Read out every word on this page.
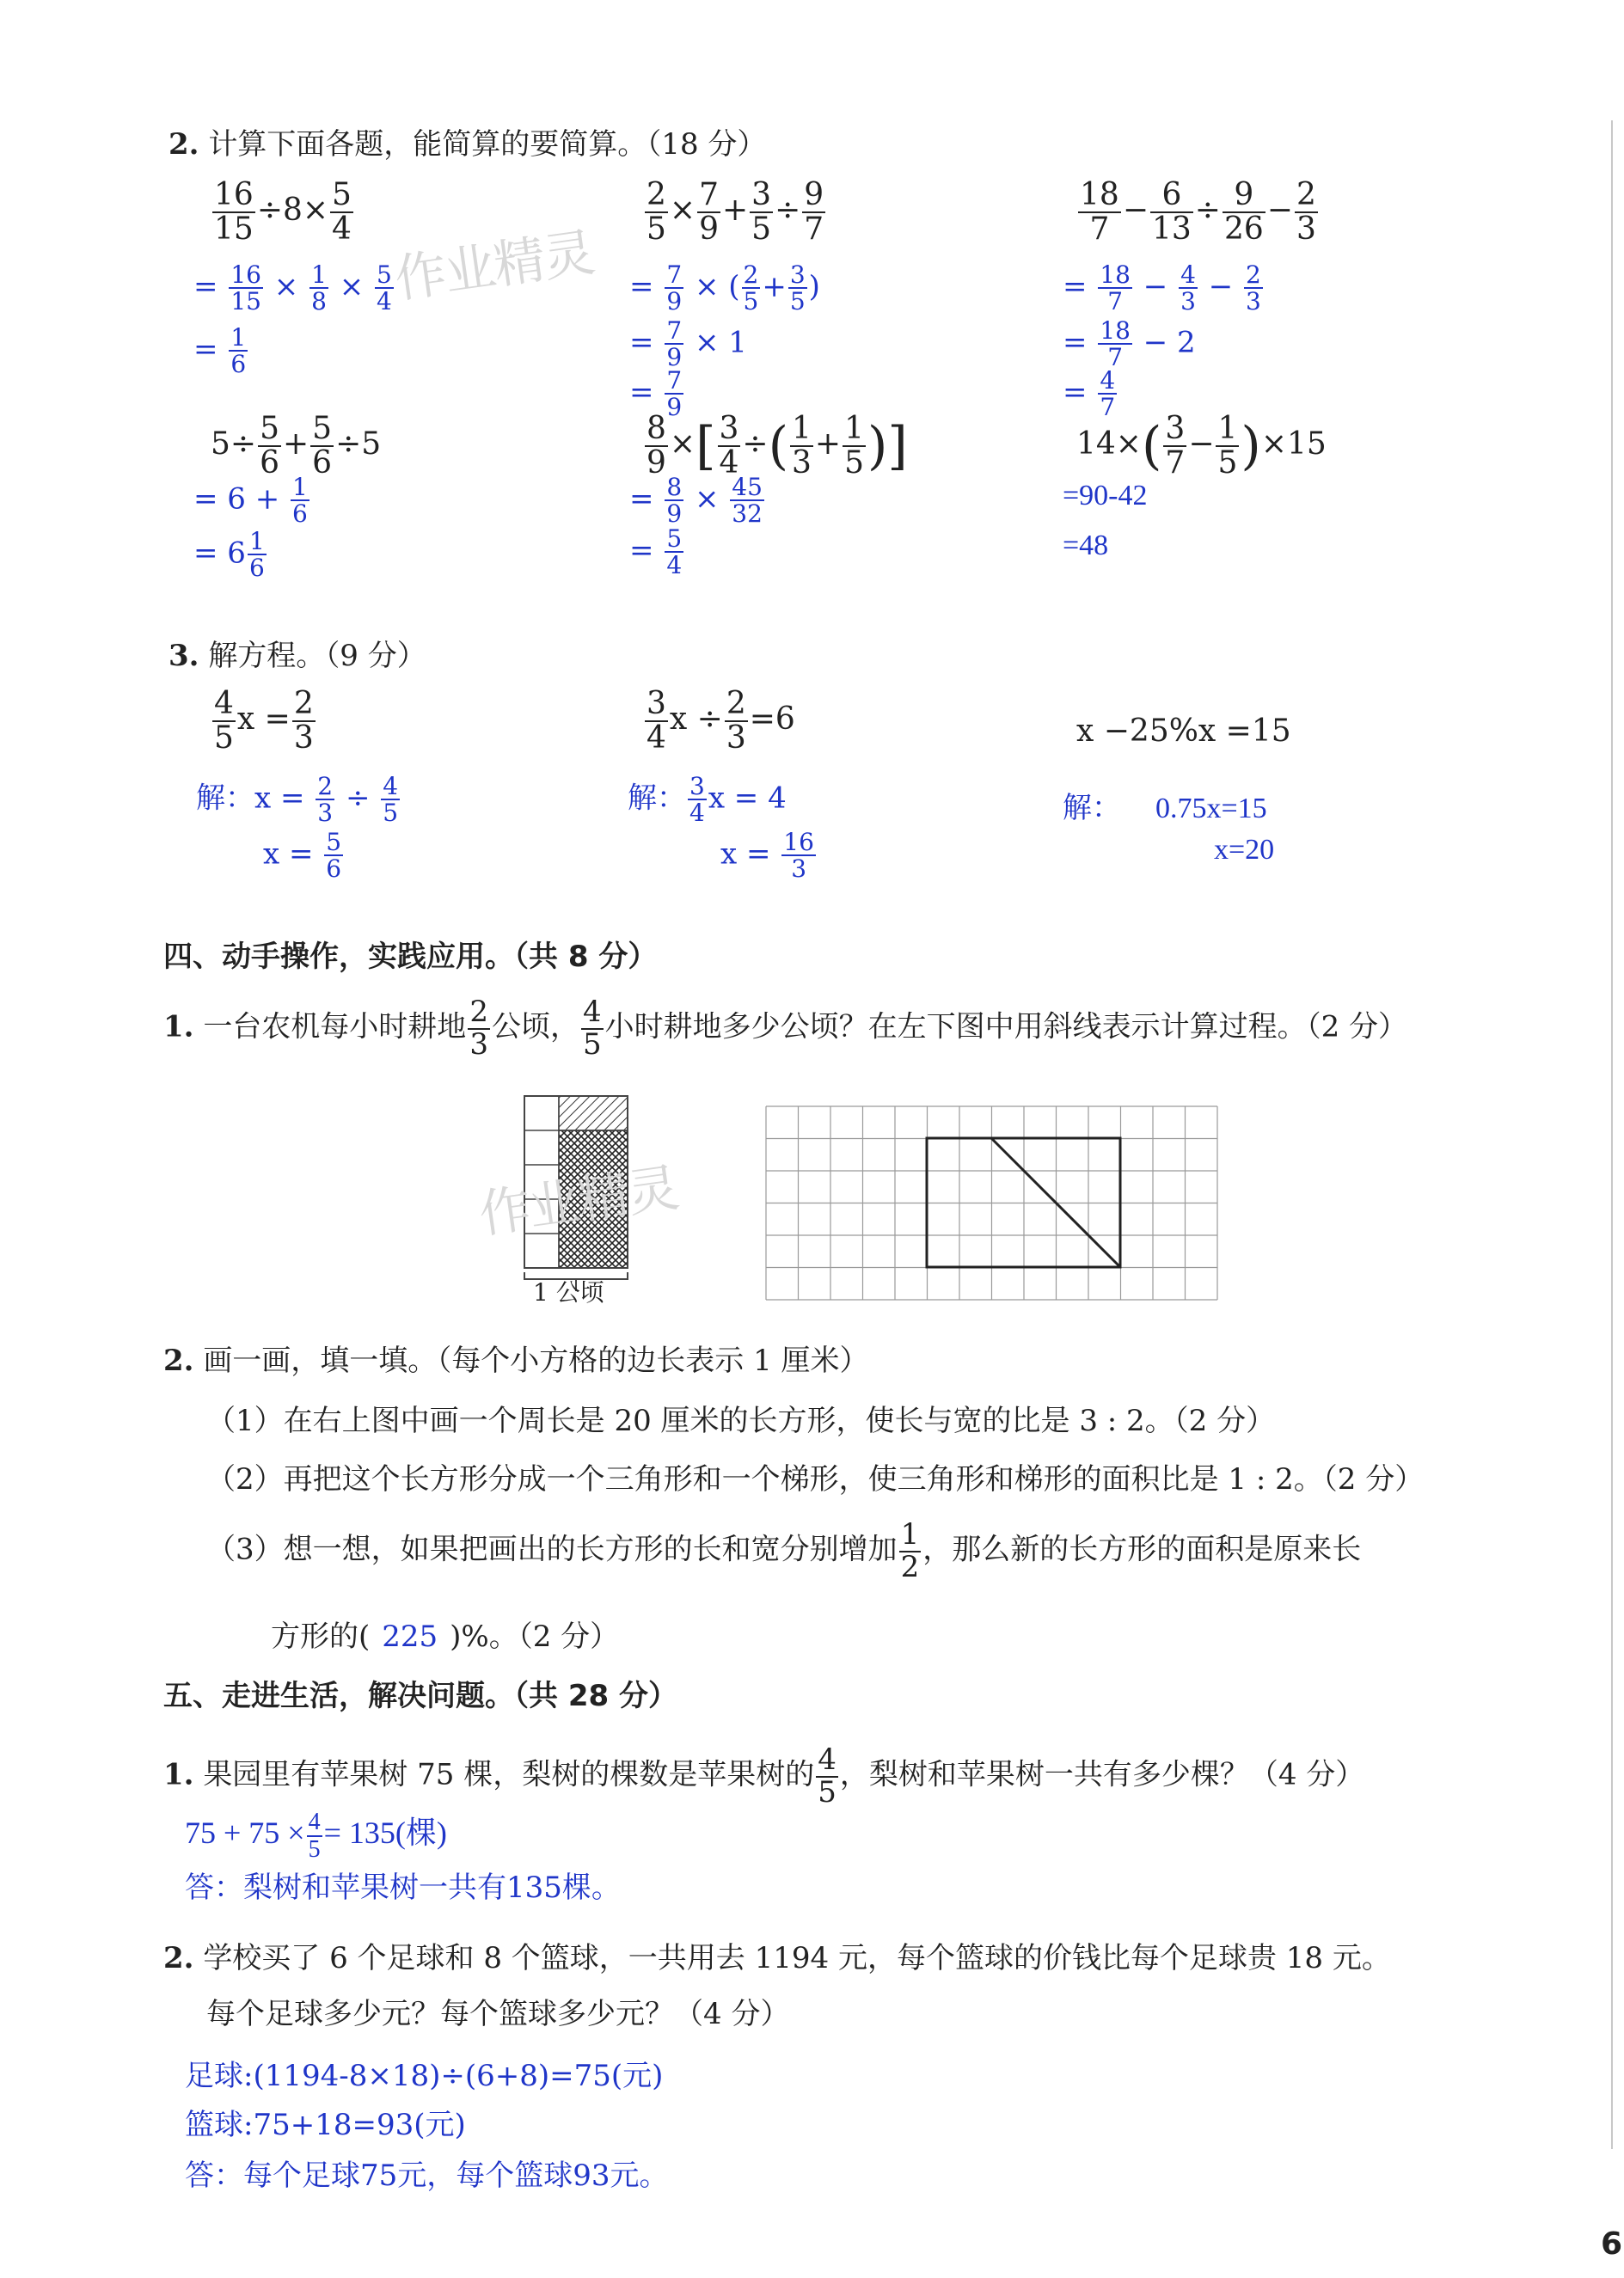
2. 计算下面各题，能简算的要简算。（18 分）
$\frac{16}{15} \div 8\times \frac{5}{4}$
= $\frac{16}{15} \times \frac{1}{8} \times \frac{5}{4}$
= $\frac{1}{6}$
作业精灵
$\frac{2}{5} \times \frac{7}{9} + \frac{3}{5} \div \frac{9}{7}$
= $\frac{7}{9}$ × ( $\frac{2}{5} + \frac{3}{5}$ )
= $\frac{7}{9} \times 1$
= $\frac{7}{9}$
$\frac{18}{7} - \frac{6}{13} \div \frac{9}{26} - \frac{2}{3}$
= $\frac{18}{7} - \frac{4}{3} - \frac{2}{3}$
= $\frac{18}{7} - 2$
= $\frac{4}{7}$
$5\div \frac{5}{6} + \frac{5}{6} \div 5$
= $6 + \frac{1}{6}$
= $6 \frac{1}{6}$
$\frac{8}{9}$ ×[ $\frac{3}{4}$ ÷( $\frac{1}{3} + \frac{1}{5}$ )]
= $\frac{8}{9} \times \frac{45}{32}$
= $\frac{5}{4}$
$14\times( \frac{3}{7} - \frac{1}{5} )\times 15$
=90-42
=48
3. 解方程。（9 分）
$\frac{4}{5}$ $x = \frac{2}{3}$
解：$x = \frac{2}{3} \div \frac{4}{5}$
$x = \frac{5}{6}$
$\frac{3}{4}$ $x \div \frac{2}{3} =6$
解： $\frac{3}{4}$ x = 4
$x = \frac{16}{3}$
x −25%x =15
解： 0.75x=15
x=20
四、动手操作，实践应用。（共 8 分）
1. 一台农机每小时耕地 $\frac{2}{3}$ 公顷， $\frac{4}{5}$ 小时耕地多少公顷？在左下图中用斜线表示计算过程。（2 分）
1 公顷
作业精灵
2. 画一画，填一填。（每个小方格的边长表示 1 厘米）
（1）在右上图中画一个周长是 20 厘米的长方形，使长与宽的比是 3 : 2。（2 分）
（2）再把这个长方形分成一个三角形和一个梯形，使三角形和梯形的面积比是 1 : 2。（2 分）
（3）想一想，如果把画出的长方形的长和宽分别增加 $\frac{1}{2}$ ，那么新的长方形的面积是原来长
方形的( 225 )%。（2 分）
五、走进生活，解决问题。（共 28 分）
1. 果园里有苹果树 75 棵，梨树的棵数是苹果树的 $\frac{4}{5}$ ，梨树和苹果树一共有多少棵？（4 分）
$75 + 75 \times \frac{4}{5} = 135$(棵)
答：梨树和苹果树一共有135棵。
2. 学校买了 6 个足球和 8 个篮球，一共用去 1194 元，每个篮球的价钱比每个足球贵 18 元。
每个足球多少元？每个篮球多少元？（4 分）
足球:(1194-8×18)÷(6+8)=75(元)
篮球:75+18=93(元)
答：每个足球75元，每个篮球93元。
6
